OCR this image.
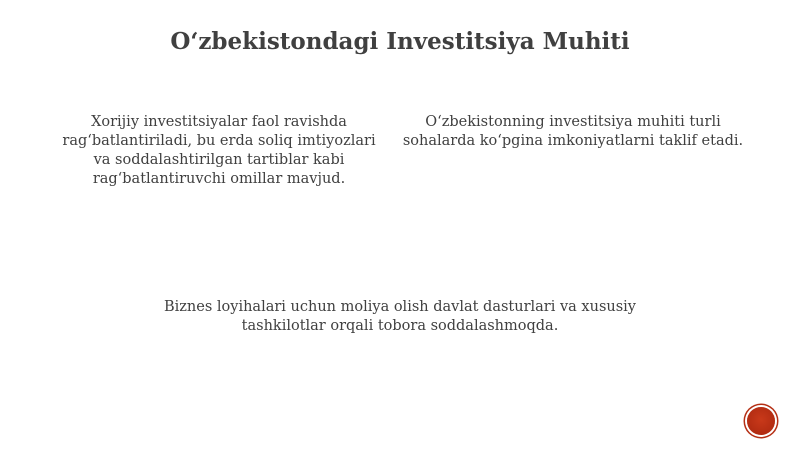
O‘zbekistondagi Investitsiya Muhiti
Xorijiy investitsiyalar faol ravishda
rag‘batlantiriladi, bu erda soliq imtiyozlari
va soddalashtirilgan tartiblar kabi
rag‘batlantiruvchi omillar mavjud.
O‘zbekistonning investitsiya muhiti turli
sohalarda ko‘pgina imkoniyatlarni taklif etadi.
Biznes loyihalari uchun moliya olish davlat dasturlari va xususiy
tashkilotlar orqali tobora soddalashmoqda.
